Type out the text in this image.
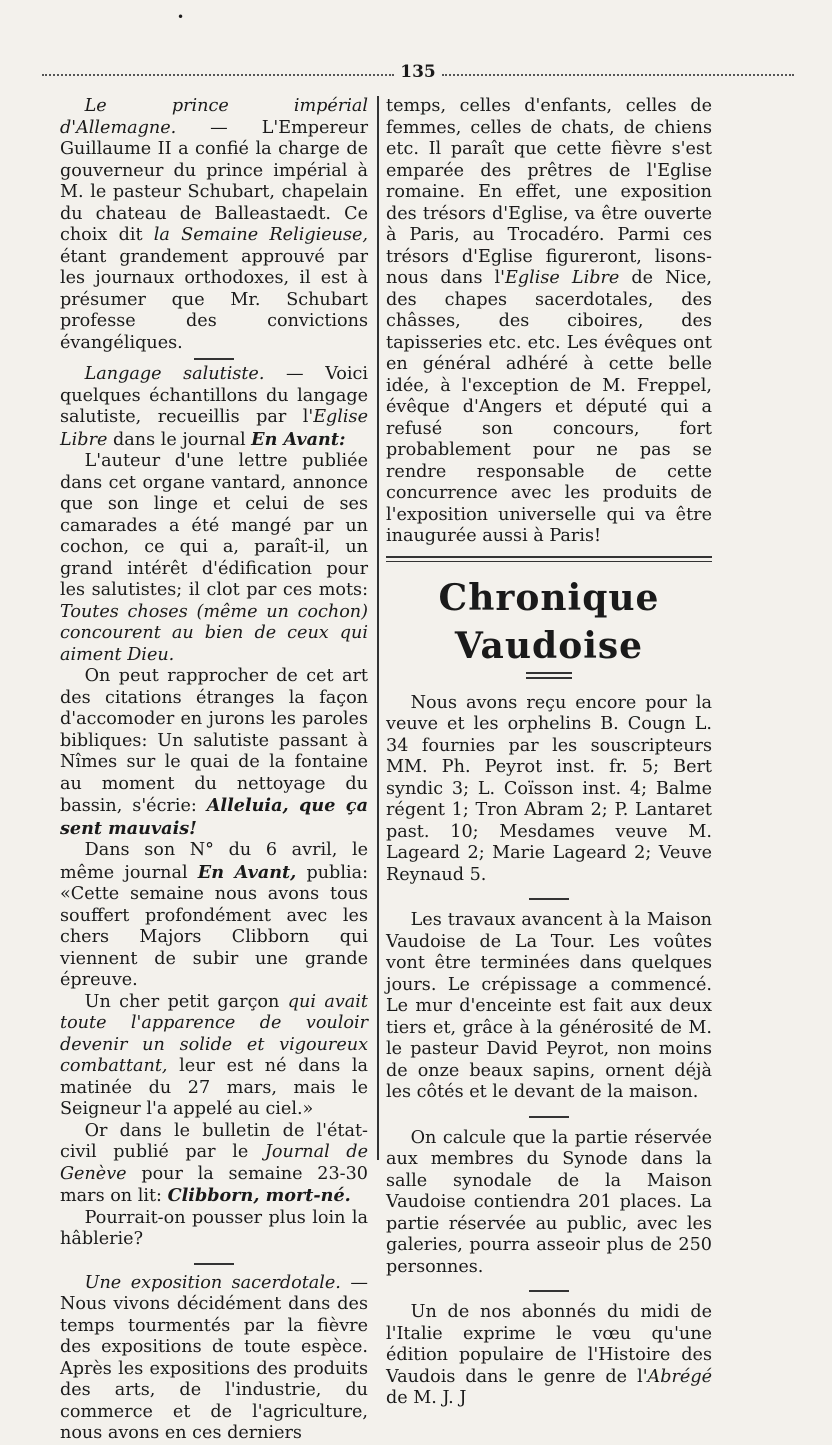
•
135

Le prince impérial d'Allemagne. — L'Empereur Guillaume II a confié la charge de gouverneur du prince impérial à M. le pasteur Schubart, chapelain du chateau de Balleastaedt. Ce choix dit la Semaine Religieuse, étant grandement approuvé par les journaux orthodoxes, il est à présumer que Mr. Schubart professe des convictions évangéliques.

Langage salutiste. — Voici quelques échantillons du langage salutiste, recueillis par l'Eglise Libre dans le journal En Avant:

L'auteur d'une lettre publiée dans cet organe vantard, annonce que son linge et celui de ses camarades a été mangé par un cochon, ce qui a, paraît-il, un grand intérêt d'édification pour les salutistes; il clot par ces mots: Toutes choses (même un cochon) concourent au bien de ceux qui aiment Dieu.

On peut rapprocher de cet art des citations étranges la façon d'accomoder en jurons les paroles bibliques: Un salutiste passant à Nîmes sur le quai de la fontaine au moment du nettoyage du bassin, s'écrie: Alleluia, que ça sent mauvais!

Dans son N° du 6 avril, le même journal En Avant, publia: «Cette semaine nous avons tous souffert profondément avec les chers Majors Clibborn qui viennent de subir une grande épreuve.

Un cher petit garçon qui avait toute l'apparence de vouloir devenir un solide et vigoureux combattant, leur est né dans la matinée du 27 mars, mais le Seigneur l'a appelé au ciel.»

Or dans le bulletin de l'état-civil publié par le Journal de Genève pour la semaine 23-30 mars on lit: Clibborn, mort-né.

Pourrait-on pousser plus loin la hâblerie?

Une exposition sacerdotale. — Nous vivons décidément dans des temps tourmentés par la fièvre des expositions de toute espèce. Après les expositions des produits des arts, de l'industrie, du commerce et de l'agriculture, nous avons en ces derniers

temps, celles d'enfants, celles de femmes, celles de chats, de chiens etc. Il paraît que cette fièvre s'est emparée des prêtres de l'Eglise romaine. En effet, une exposition des trésors d'Eglise, va être ouverte à Paris, au Trocadéro. Parmi ces trésors d'Eglise figureront, lisons-nous dans l'Eglise Libre de Nice, des chapes sacerdotales, des châsses, des ciboires, des tapisseries etc. etc. Les évêques ont en général adhéré à cette belle idée, à l'exception de M. Freppel, évêque d'Angers et député qui a refusé son concours, fort probablement pour ne pas se rendre responsable de cette concurrence avec les produits de l'exposition universelle qui va être inaugurée aussi à Paris!

Chronique Vaudoise

Nous avons reçu encore pour la veuve et les orphelins B. Cougn L. 34 fournies par les souscripteurs MM. Ph. Peyrot inst. fr. 5; Bert syndic 3; L. Coïsson inst. 4; Balme régent 1; Tron Abram 2; P. Lantaret past. 10; Mesdames veuve M. Lageard 2; Marie Lageard 2; Veuve Reynaud 5.

Les travaux avancent à la Maison Vaudoise de La Tour. Les voûtes vont être terminées dans quelques jours. Le crépissage a commencé. Le mur d'enceinte est fait aux deux tiers et, grâce à la générosité de M. le pasteur David Peyrot, non moins de onze beaux sapins, ornent déjà les côtés et le devant de la maison.

On calcule que la partie réservée aux membres du Synode dans la salle synodale de la Maison Vaudoise contiendra 201 places. La partie réservée au public, avec les galeries, pourra asseoir plus de 250 personnes.

Un de nos abonnés du midi de l'Italie exprime le vœu qu'une édition populaire de l'Histoire des Vaudois dans le genre de l'Abrégé de M. J. J
